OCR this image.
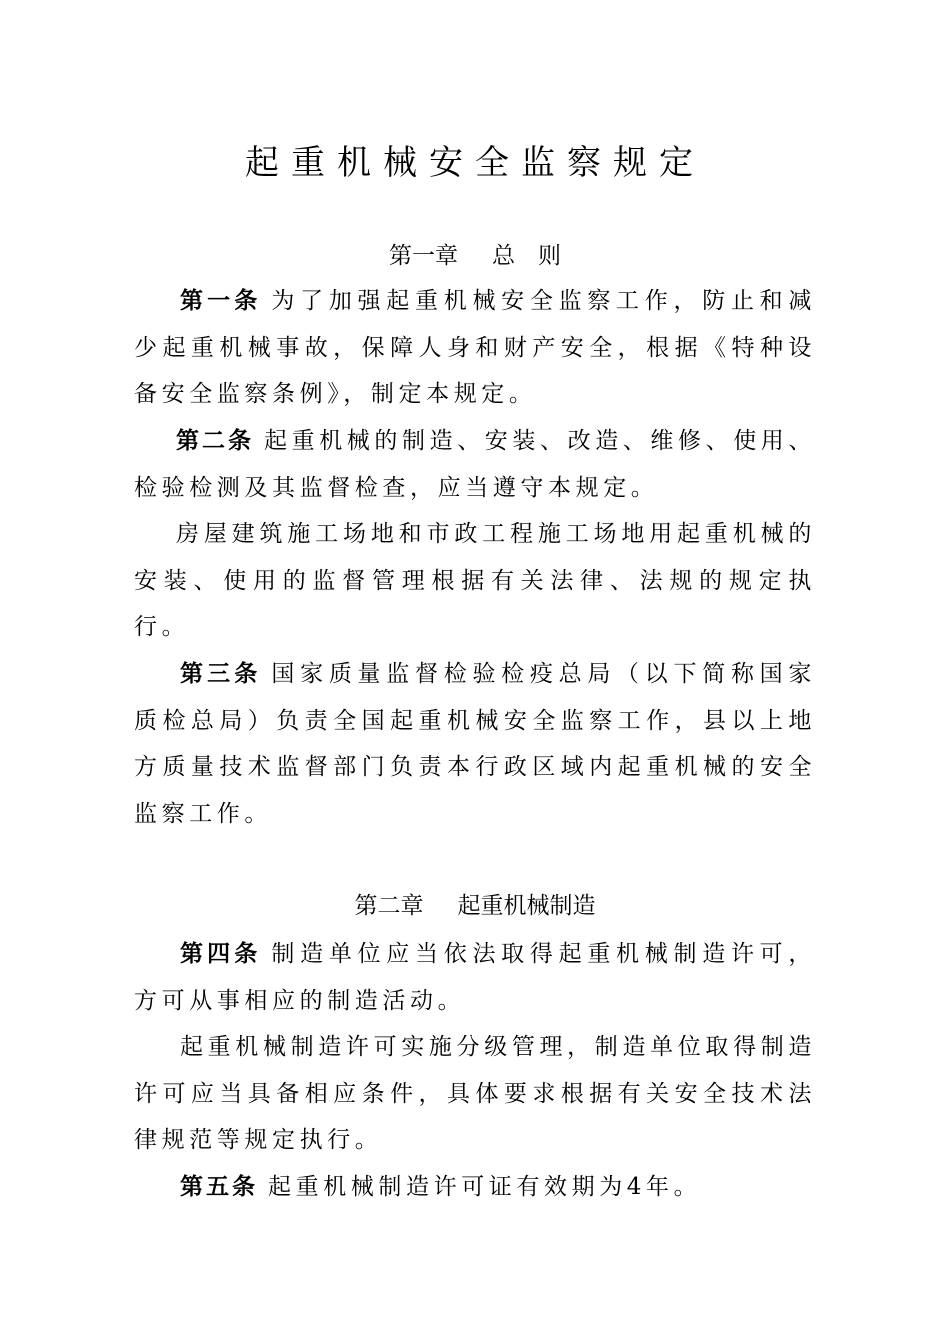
起重机械安全监察规定

第一章 总　则

第一条 为了加强起重机械安全监察工作，防止和减少起重机械事故，保障人身和财产安全，根据《特种设备安全监察条例》，制定本规定。

第二条 起重机械的制造、安装、改造、维修、使用、检验检测及其监督检查，应当遵守本规定。

房屋建筑施工场地和市政工程施工场地用起重机械的安装、使用的监督管理根据有关法律、法规的规定执行。

第三条 国家质量监督检验检疫总局（以下简称国家质检总局）负责全国起重机械安全监察工作，县以上地方质量技术监督部门负责本行政区域内起重机械的安全监察工作。

第二章 起重机械制造

第四条 制造单位应当依法取得起重机械制造许可，方可从事相应的制造活动。

起重机械制造许可实施分级管理，制造单位取得制造许可应当具备相应条件，具体要求根据有关安全技术法律规范等规定执行。

第五条 起重机械制造许可证有效期为4年。
